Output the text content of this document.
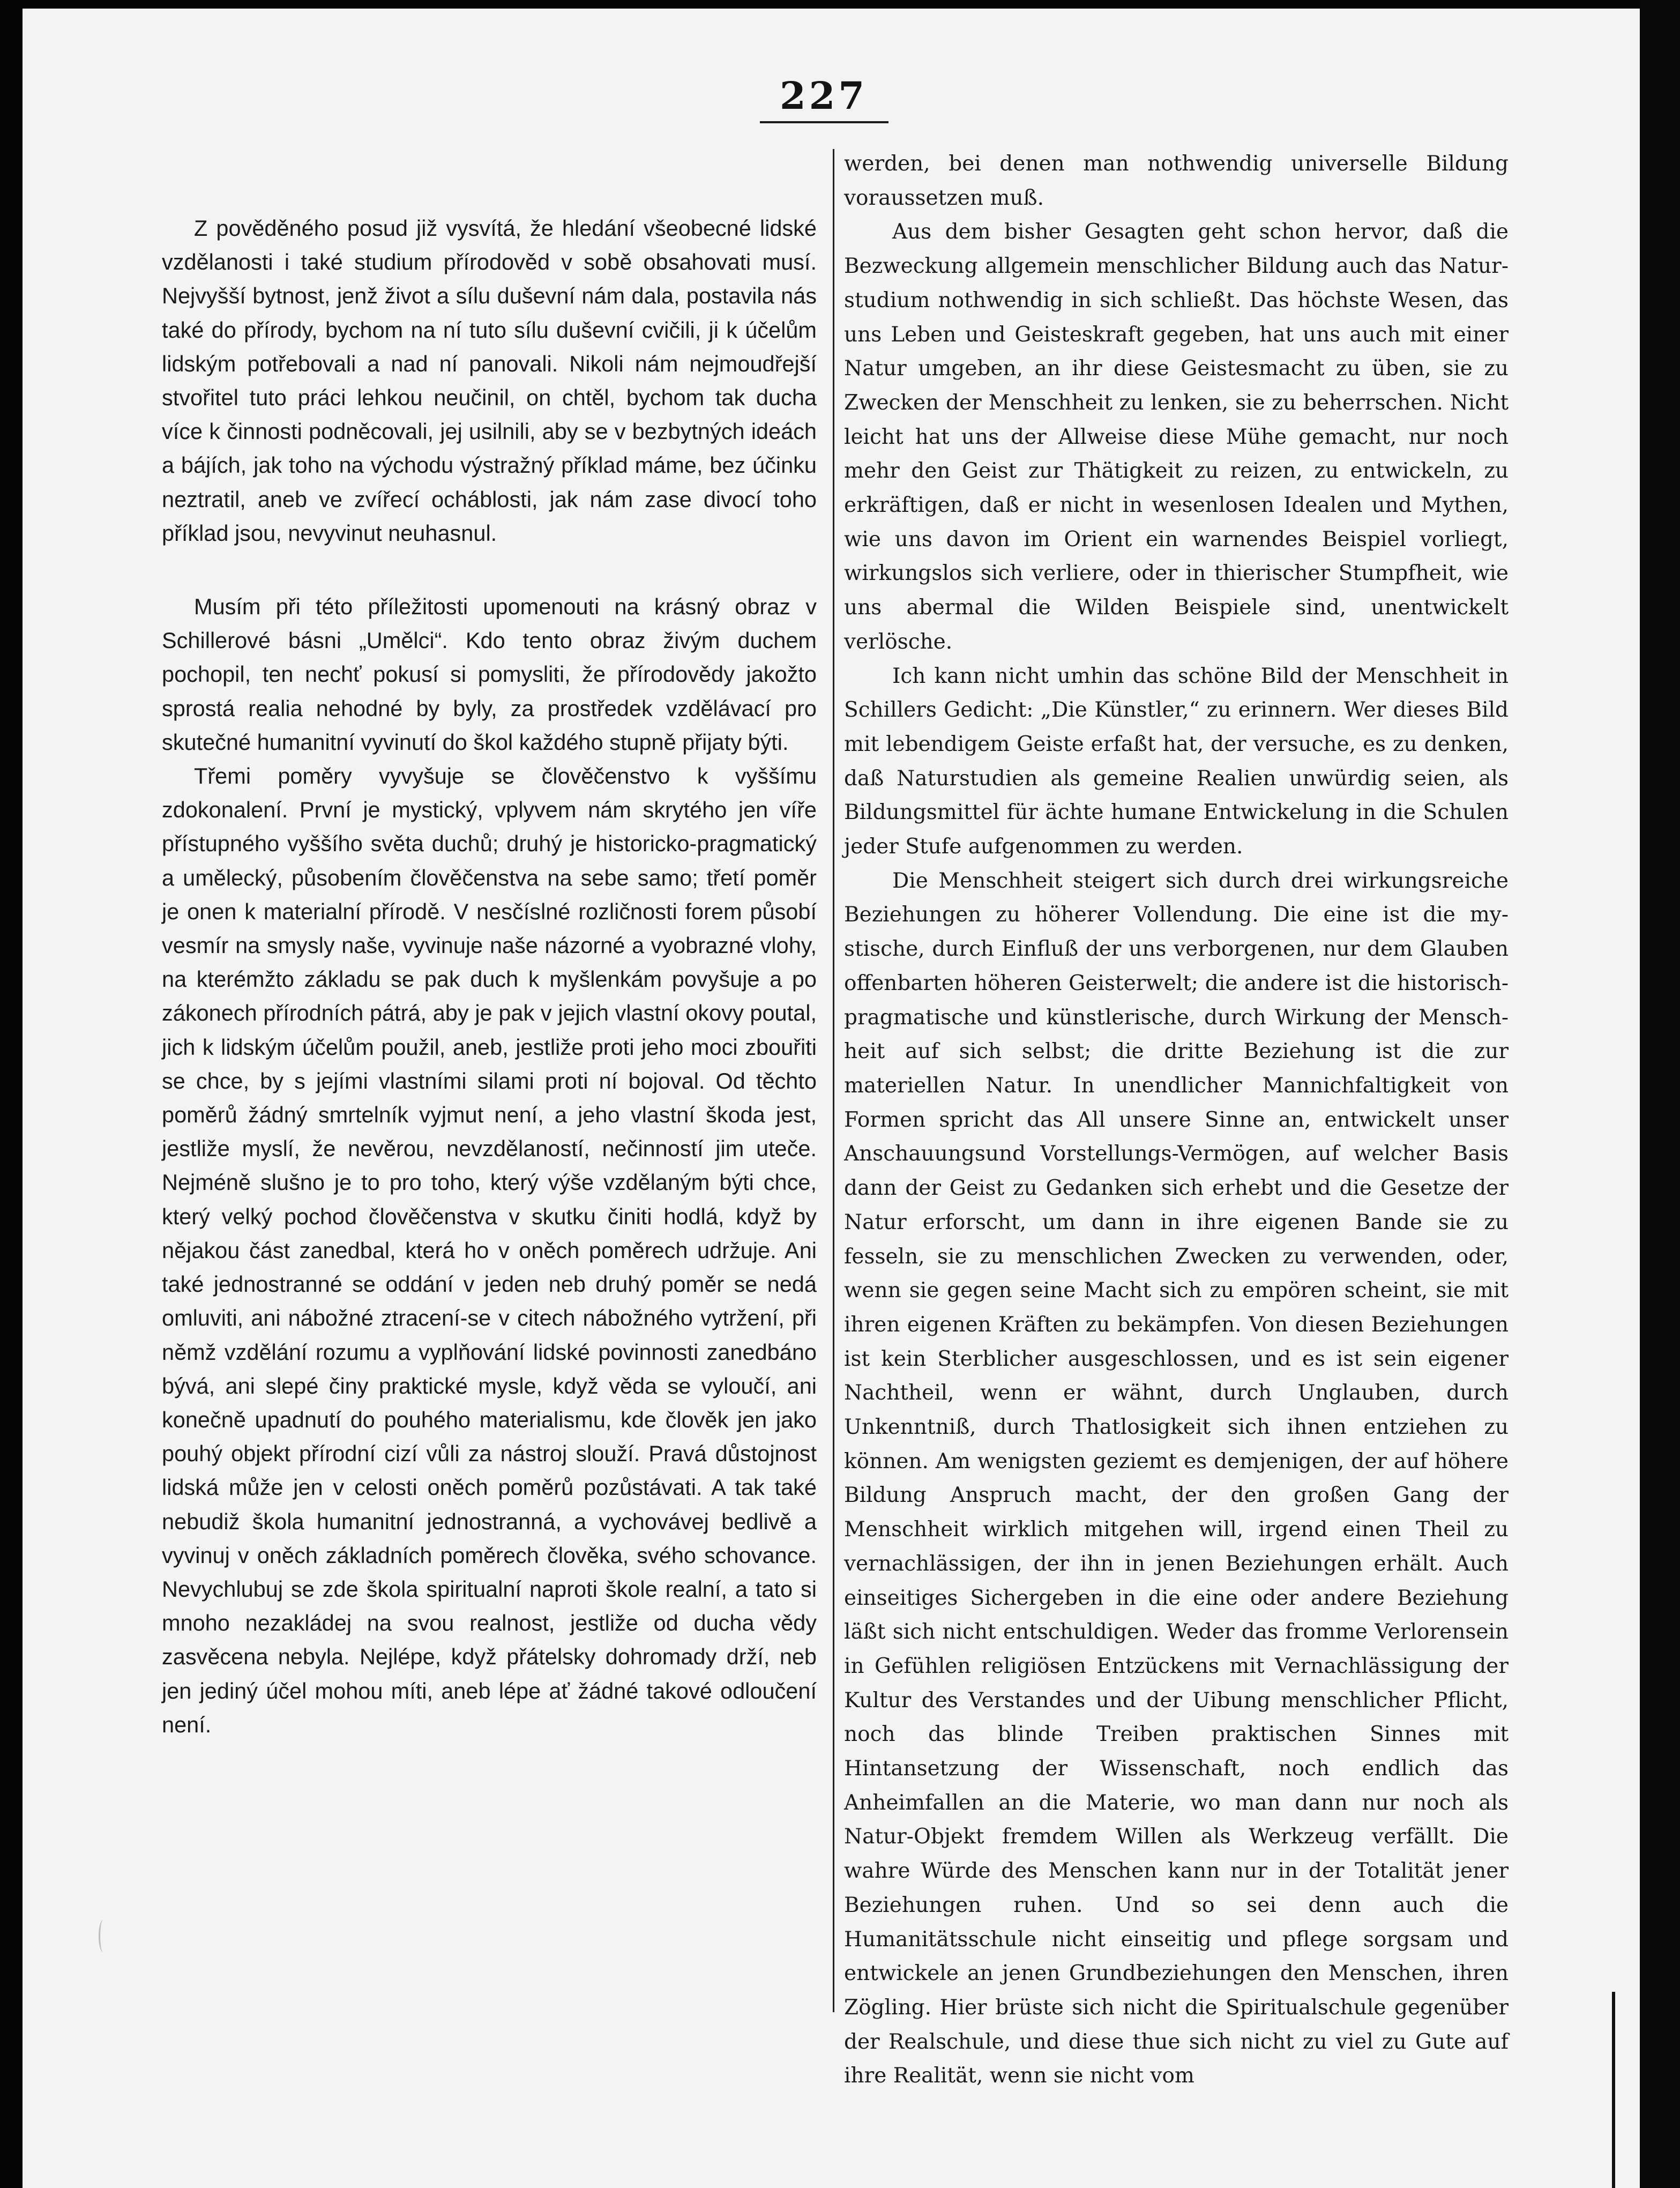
227

Z pověděného posud již vysvítá, že hledání všeobecné lidské vzdělanosti i také studium přírodověd v sobě obsahovati musí. Nejvyšší bytnost, jenž život a sílu duševní nám dala, postavila nás také do přírody, bychom na ní tuto sílu duševní cvičili, ji k účelům lidským potřebovali a nad ní panovali. Nikoli nám nejmoudřejší stvořitel tuto práci lehkou neučinil, on chtěl, bychom tak ducha více k činnosti podněcovali, jej usilnili, aby se v bezbytných ideách a bájích, jak toho na východu výstražný příklad máme, bez účinku neztratil, aneb ve zvířecí ocháblosti, jak nám zase divocí toho příklad jsou, nevyvinut neuhasnul.

Musím při této příležitosti upomenouti na krásný obraz v Schillerové básni „Umělci“. Kdo tento obraz živým duchem pochopil, ten nechť pokusí si pomysliti, že přírodovědy jakožto sprostá realia nehodné by byly, za prostředek vzdělávací pro skutečné humanitní vyvinutí do škol každého stupně přijaty býti.

Třemi poměry vyvyšuje se člověčenstvo k vyššímu zdokonalení. První je mystický, vplyvem nám skrytého jen víře přístupného vyššího světa duchů; druhý je historicko-pragmatický a umělecký, působením člověčenstva na sebe samo; třetí poměr je onen k materialní přírodě. V nesčíslné rozličnosti forem působí vesmír na smysly naše, vyvinuje naše názorné a vyobrazné vlohy, na kterémžto základu se pak duch k myšlenkám povyšuje a po zákonech přírodních pátrá, aby je pak v jejich vlastní okovy poutal, jich k lidským účelům použil, aneb, jestliže proti jeho moci zbouřiti se chce, by s jejími vlastními silami proti ní bojoval. Od těchto poměrů žádný smrtelník vyjmut není, a jeho vlastní škoda jest, jestliže myslí, že nevěrou, nevzdělaností, nečinností jim uteče. Nejméně slušno je to pro toho, který výše vzdělaným býti chce, který velký pochod člověčenstva v skutku činiti hodlá, když by nějakou část zanedbal, která ho v oněch poměrech udržuje. Ani také jednostranné se oddání v jeden neb druhý poměr se nedá omluviti, ani nábožné ztracení-se v citech nábožného vytržení, při němž vzdělání rozumu a vyplňování lidské povinnosti zanedbáno bývá, ani slepé činy praktické mysle, když věda se vyloučí, ani konečně upadnutí do pouhého materialismu, kde člověk jen jako pouhý objekt přírodní cizí vůli za nástroj slouží. Pravá důstojnost lidská může jen v celosti oněch poměrů pozůstávati. A tak také nebudiž škola humanitní jednostranná, a vychovávej bedlivě a vyvinuj v oněch základních poměrech člověka, svého schovance. Nevychlubuj se zde škola spiritualní naproti škole realní, a tato si mnoho nezakládej na svou realnost, jestliže od ducha vědy zasvěcena nebyla. Nejlépe, když přátelsky dohromady drží, neb jen jediný účel mohou míti, aneb lépe ať žádné takové odloučení není.

werden, bei denen man nothwendig universelle Bildung voraussetzen muß.

Aus dem bisher Gesagten geht schon hervor, daß die Bezweckung allgemein menschlicher Bildung auch das Naturstudium nothwendig in sich schließt. Das höchste Wesen, das uns Leben und Geisteskraft gegeben, hat uns auch mit einer Natur umgeben, an ihr diese Geistesmacht zu üben, sie zu Zwecken der Menschheit zu lenken, sie zu beherrschen. Nicht leicht hat uns der Allweise diese Mühe gemacht, nur noch mehr den Geist zur Thätigkeit zu reizen, zu entwickeln, zu erkräftigen, daß er nicht in wesenlosen Idealen und Mythen, wie uns davon im Orient ein warnendes Beispiel vorliegt, wirkungslos sich verliere, oder in thierischer Stumpfheit, wie uns abermal die Wilden Beispiele sind, unentwickelt verlösche.

Ich kann nicht umhin das schöne Bild der Menschheit in Schillers Gedicht: „Die Künstler,“ zu erinnern. Wer dieses Bild mit lebendigem Geiste erfaßt hat, der versuche, es zu denken, daß Naturstudien als gemeine Realien unwürdig seien, als Bildungsmittel für ächte humane Entwickelung in die Schulen jeder Stufe aufgenommen zu werden.

Die Menschheit steigert sich durch drei wirkungsreiche Beziehungen zu höherer Vollendung. Die eine ist die mystische, durch Einfluß der uns verborgenen, nur dem Glauben offenbarten höheren Geisterwelt; die andere ist die historischpragmatische und künstlerische, durch Wirkung der Menschheit auf sich selbst; die dritte Beziehung ist die zur materiellen Natur. In unendlicher Mannichfaltigkeit von Formen spricht das All unsere Sinne an, entwickelt unser Anschauungsund Vorstellungs-Vermögen, auf welcher Basis dann der Geist zu Gedanken sich erhebt und die Gesetze der Natur erforscht, um dann in ihre eigenen Bande sie zu fesseln, sie zu menschlichen Zwecken zu verwenden, oder, wenn sie gegen seine Macht sich zu empören scheint, sie mit ihren eigenen Kräften zu bekämpfen. Von diesen Beziehungen ist kein Sterblicher ausgeschlossen, und es ist sein eigener Nachtheil, wenn er wähnt, durch Unglauben, durch Unkenntniß, durch Thatlosigkeit sich ihnen entziehen zu können. Am wenigsten geziemt es demjenigen, der auf höhere Bildung Anspruch macht, der den großen Gang der Menschheit wirklich mitgehen will, irgend einen Theil zu vernachlässigen, der ihn in jenen Beziehungen erhält. Auch einseitiges Sichergeben in die eine oder andere Beziehung läßt sich nicht entschuldigen. Weder das fromme Verlorensein in Gefühlen religiösen Entzückens mit Vernachlässigung der Kultur des Verstandes und der Uibung menschlicher Pflicht, noch das blinde Treiben praktischen Sinnes mit Hintansetzung der Wissenschaft, noch endlich das Anheimfallen an die Materie, wo man dann nur noch als Natur-Objekt fremdem Willen als Werkzeug verfällt. Die wahre Würde des Menschen kann nur in der Totalität jener Beziehungen ruhen. Und so sei denn auch die Humanitätsschule nicht einseitig und pflege sorgsam und entwickele an jenen Grundbeziehungen den Menschen, ihren Zögling. Hier brüste sich nicht die Spiritualschule gegenüber der Realschule, und diese thue sich nicht zu viel zu Gute auf ihre Realität, wenn sie nicht vom
